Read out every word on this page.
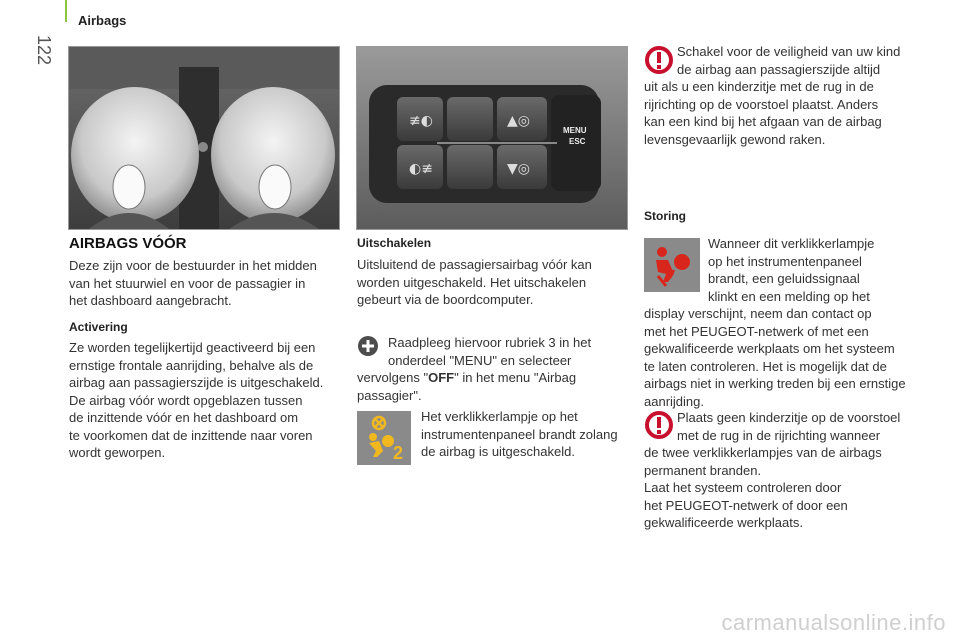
122
Airbags
AIRBAGS VÓÓR

Deze zijn voor de bestuurder in het midden

van het stuurwiel en voor de passagier in

het dashboard aangebracht.

Activering

Ze worden tegelijkertijd geactiveerd bij een

ernstige frontale aanrijding, behalve als de

airbag aan passagierszijde is uitgeschakeld.

De airbag vóór wordt opgeblazen tussen

de inzittende vóór en het dashboard om

te voorkomen dat de inzittende naar voren

wordt geworpen.

≢◐
◐≢
▲◎
▼◎
MENU
ESC
Uitschakelen

Uitsluitend de passagiersairbag vóór kan

worden uitgeschakeld. Het uitschakelen

gebeurt via de boordcomputer.

Raadpleeg hiervoor rubriek 3 in het

onderdeel "MENU" en selecteer

vervolgens "OFF" in het menu "Airbag

passagier".

2

Het verklikkerlampje op het

instrumentenpaneel brandt zolang

de airbag is uitgeschakeld.

Schakel voor de veiligheid van uw kind

de airbag aan passagierszijde altijd

uit als u een kinderzitje met de rug in de

rijrichting op de voorstoel plaatst. Anders

kan een kind bij het afgaan van de airbag

levensgevaarlijk gewond raken.

Storing

Wanneer dit verklikkerlampje

op het instrumentenpaneel

brandt, een geluidssignaal

klinkt en een melding op het

display verschijnt, neem dan contact op

met het PEUGEOT-netwerk of met een

gekwalificeerde werkplaats om het systeem

te laten controleren. Het is mogelijk dat de

airbags niet in werking treden bij een ernstige

aanrijding.

Plaats geen kinderzitje op de voorstoel

met de rug in de rijrichting wanneer

de twee verklikkerlampjes van de airbags

permanent branden.

Laat het systeem controleren door

het PEUGEOT-netwerk of door een

gekwalificeerde werkplaats.

carmanualsonline.info
